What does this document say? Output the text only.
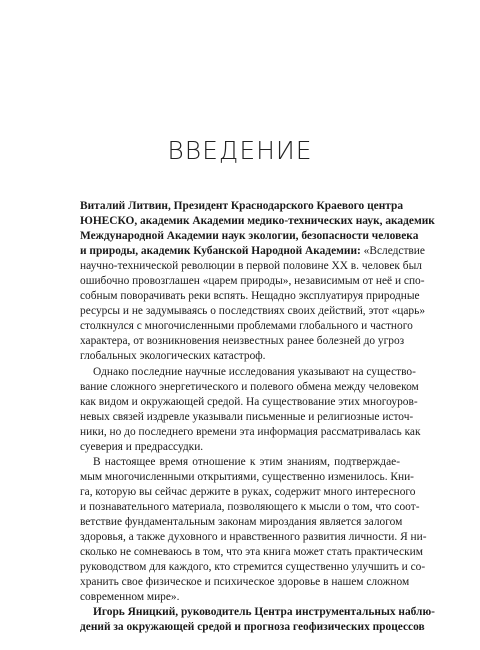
ВВЕДЕНИЕ
Виталий Литвин, Президент Краснодарского Краевого центра
ЮНЕСКО, академик Академии медико-технических наук, академик
Международной Академии наук экологии, безопасности человека
и природы, академик Кубанской Народной Академии: «Вследствие
научно-технической революции в первой половине XX в. человек был
ошибочно провозглашен «царем природы», независимым от неё и спо-
собным поворачивать реки вспять. Нещадно эксплуатируя природные
ресурсы и не задумываясь о последствиях своих действий, этот «царь»
столкнулся с многочисленными проблемами глобального и частного
характера, от возникновения неизвестных ранее болезней до угроз
глобальных экологических катастроф.
Однако последние научные исследования указывают на существо-
вание сложного энергетического и полевого обмена между человеком
как видом и окружающей средой. На существование этих многоуров-
невых связей издревле указывали письменные и религиозные источ-
ники, но до последнего времени эта информация рассматривалась как
суеверия и предрассудки.
В настоящее время отношение к этим знаниям, подтверждае-
мым многочисленными открытиями, существенно изменилось. Кни-
га, которую вы сейчас держите в руках, содержит много интересного
и познавательного материала, позволяющего к мысли о том, что соот-
ветствие фундаментальным законам мироздания является залогом
здоровья, а также духовного и нравственного развития личности. Я ни-
сколько не сомневаюсь в том, что эта книга может стать практическим
руководством для каждого, кто стремится существенно улучшить и со-
хранить свое физическое и психическое здоровье в нашем сложном
современном мире».
Игорь Яницкий, руководитель Центра инструментальных наблю-
дений за окружающей средой и прогноза геофизических процессов
